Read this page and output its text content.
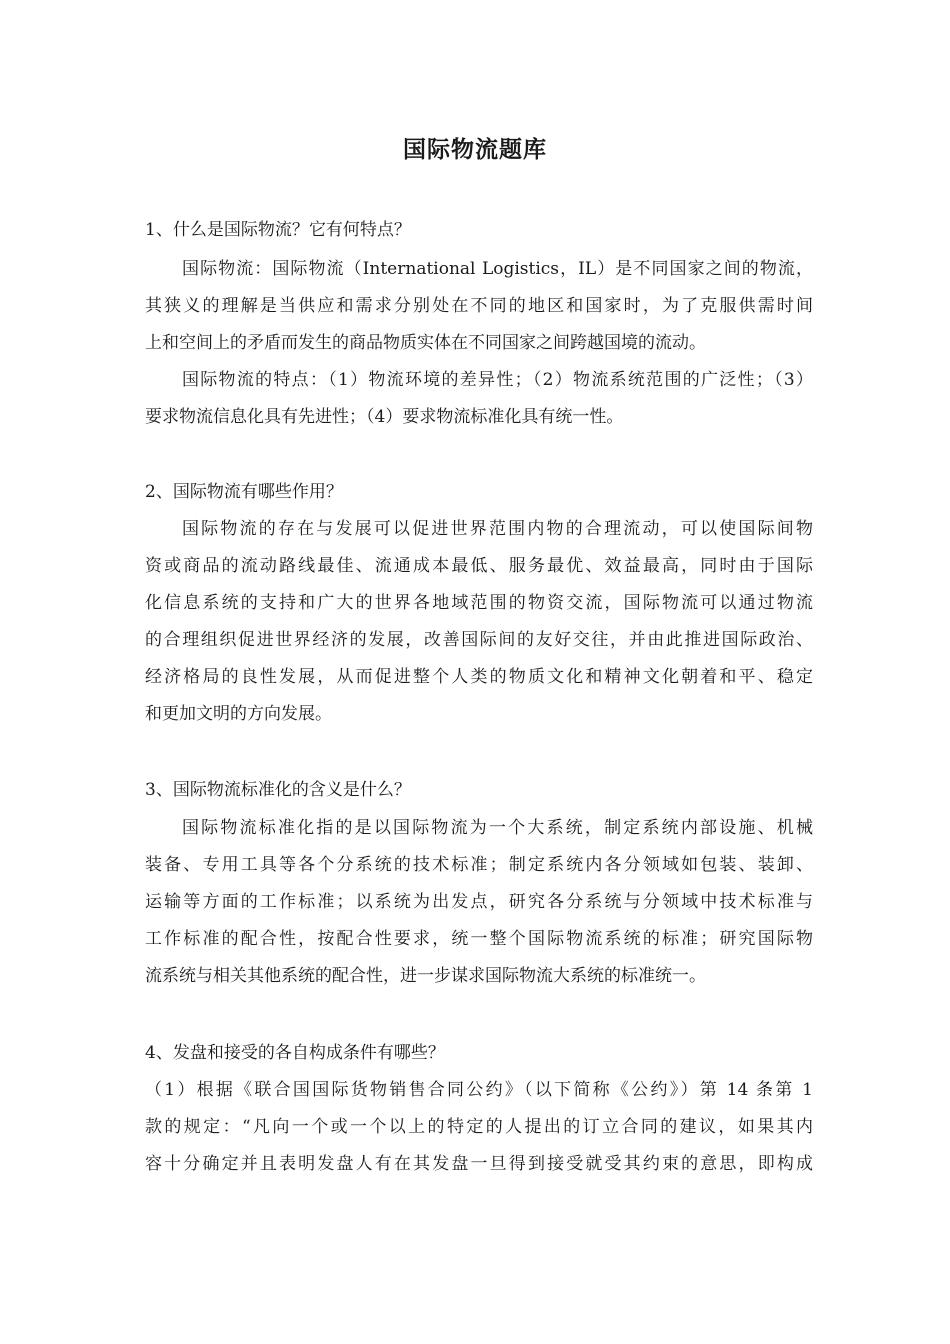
国际物流题库
1、什么是国际物流？它有何特点？
国际物流：国际物流（International Logistics，IL）是不同国家之间的物流，
其狭义的理解是当供应和需求分别处在不同的地区和国家时，为了克服供需时间
上和空间上的矛盾而发生的商品物质实体在不同国家之间跨越国境的流动。
国际物流的特点：（1）物流环境的差异性；（2）物流系统范围的广泛性；（3）
要求物流信息化具有先进性；（4）要求物流标准化具有统一性。
2、国际物流有哪些作用？
国际物流的存在与发展可以促进世界范围内物的合理流动，可以使国际间物
资或商品的流动路线最佳、流通成本最低、服务最优、效益最高，同时由于国际
化信息系统的支持和广大的世界各地域范围的物资交流，国际物流可以通过物流
的合理组织促进世界经济的发展，改善国际间的友好交往，并由此推进国际政治、
经济格局的良性发展，从而促进整个人类的物质文化和精神文化朝着和平、稳定
和更加文明的方向发展。
3、国际物流标准化的含义是什么？
国际物流标准化指的是以国际物流为一个大系统，制定系统内部设施、机械
装备、专用工具等各个分系统的技术标准；制定系统内各分领域如包装、装卸、
运输等方面的工作标准；以系统为出发点，研究各分系统与分领域中技术标准与
工作标准的配合性，按配合性要求，统一整个国际物流系统的标准；研究国际物
流系统与相关其他系统的配合性，进一步谋求国际物流大系统的标准统一。
4、发盘和接受的各自构成条件有哪些？
（1）根据《联合国国际货物销售合同公约》（以下简称《公约》）第 14 条第 1
款的规定：“凡向一个或一个以上的特定的人提出的订立合同的建议，如果其内
容十分确定并且表明发盘人有在其发盘一旦得到接受就受其约束的意思，即构成
